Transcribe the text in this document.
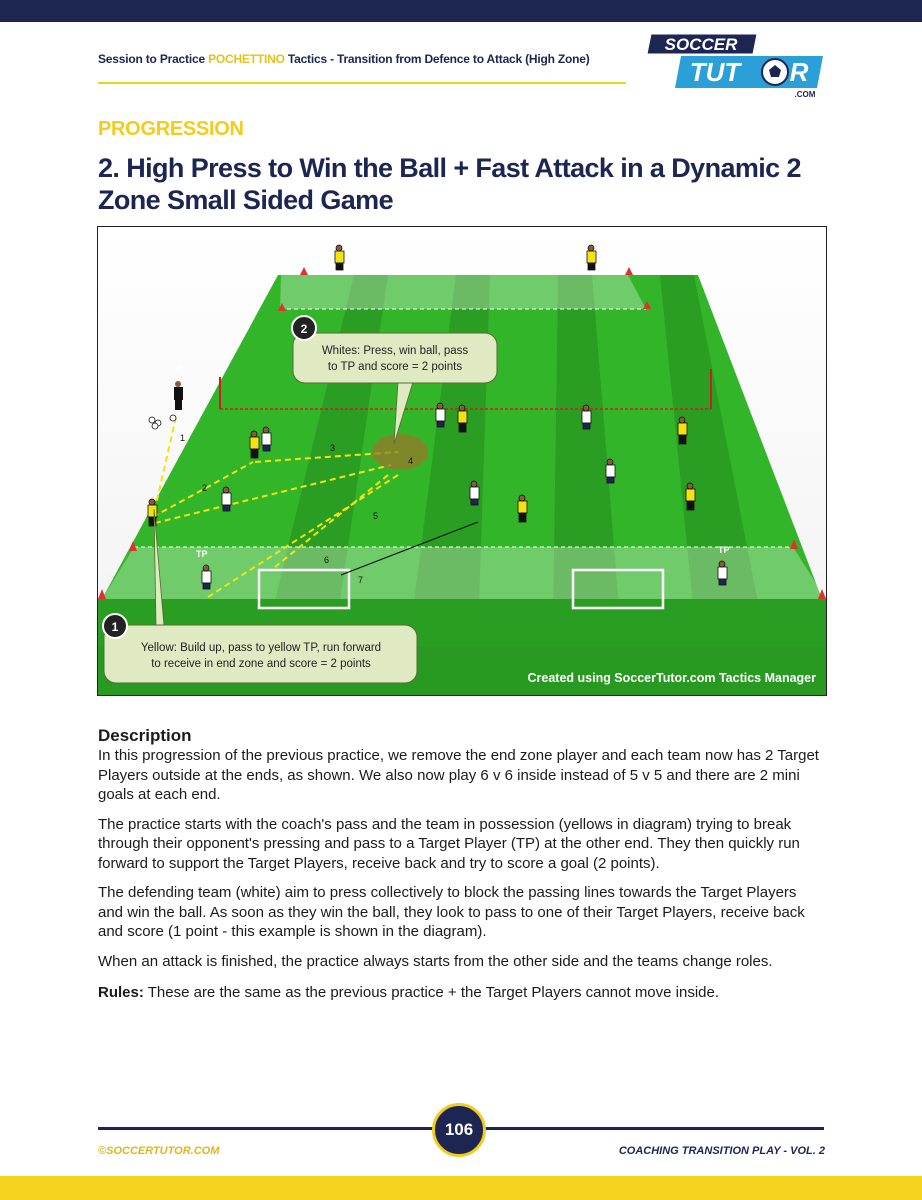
Session to Practice POCHETTINO Tactics - Transition from Defence to Attack (High Zone)
SOCCER
TUT R
.COM
PROGRESSION
2. High Press to Win the Ball + Fast Attack in a Dynamic 2 Zone Small Sided Game
1
2
3
4
5
6
7
TP	TP
TP	TP
C
2
Whites: Press, win ball, pass
to TP and score = 2 points
1
Yellow: Build up, pass to yellow TP, run forward
to receive in end zone and score = 2 points
Created using SoccerTutor.com Tactics Manager
Description

In this progression of the previous practice, we remove the end zone player and each team now has 2 Target Players outside at the ends, as shown. We also now play 6 v 6 inside instead of 5 v 5 and there are 2 mini goals at each end.

The practice starts with the coach's pass and the team in possession (yellows in diagram) trying to break through their opponent's pressing and pass to a Target Player (TP) at the other end. They then quickly run forward to support the Target Players, receive back and try to score a goal (2 points).

The defending team (white) aim to press collectively to block the passing lines towards the Target Players and win the ball. As soon as they win the ball, they look to pass to one of their Target Players, receive back and score (1 point - this example is shown in the diagram).

When an attack is finished, the practice always starts from the other side and the teams change roles.

Rules: These are the same as the previous practice + the Target Players cannot move inside.

106
©SOCCERTUTOR.COM	COACHING TRANSITION PLAY - VOL. 2
